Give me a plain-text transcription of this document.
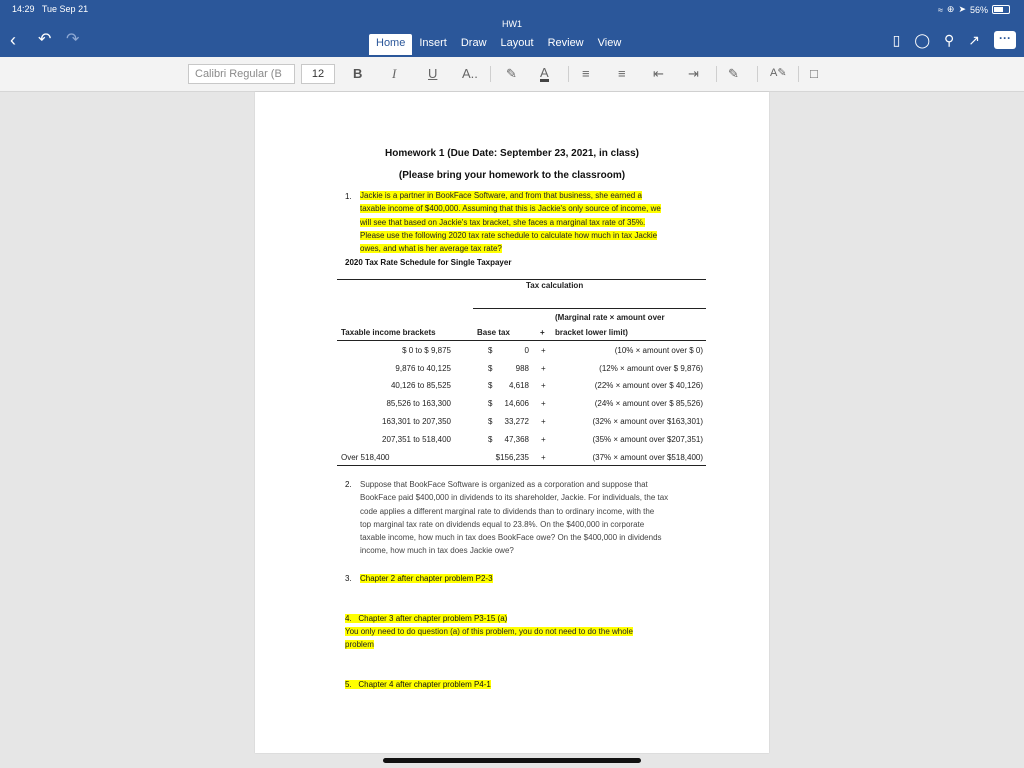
14:29 Tue Sep 21	≈ ⊕ ➤ 56%
HW1
‹ ↶ ↷	Home	Insert	Draw	Layout	Review	View	▯ ◯ ⚲ ↗	···
Calibri Regular (B	12	B I U A.. ✎ A	≡ ≡ ⇤ ⇥ ✎	A✎ □
Homework 1 (Due Date: September 23, 2021, in class)
(Please bring your homework to the classroom)
1. Jackie is a partner in BookFace Software, and from that business, she earned a
taxable income of $400,000. Assuming that this is Jackie's only source of income, we
will see that based on Jackie's tax bracket, she faces a marginal tax rate of 35%.
Please use the following 2020 tax rate schedule to calculate how much in tax Jackie
owes, and what is her average tax rate?
2020 Tax Rate Schedule for Single Taxpayer
Tax calculation
(Marginal rate × amount over
Taxable income brackets	Base tax	+ bracket lower limit)
$ 0 to $ 9,875	$	0 +	(10% × amount over $ 0)
9,876 to 40,125	$	988 +	(12% × amount over $ 9,876)
40,126 to 85,525	$	4,618 +	(22% × amount over $ 40,126)
85,526 to 163,300	$	14,606 +	(24% × amount over $ 85,526)
163,301 to 207,350	$	33,272 +	(32% × amount over $163,301)
207,351 to 518,400	$	47,368 +	(35% × amount over $207,351)
Over 518,400	$156,235 +	(37% × amount over $518,400)
2. Suppose that BookFace Software is organized as a corporation and suppose that
BookFace paid $400,000 in dividends to its shareholder, Jackie. For individuals, the tax
code applies a different marginal rate to dividends than to ordinary income, with the
top marginal tax rate on dividends equal to 23.8%. On the $400,000 in corporate
taxable income, how much in tax does BookFace owe? On the $400,000 in dividends
income, how much in tax does Jackie owe?
3. Chapter 2 after chapter problem P2-3
4. Chapter 3 after chapter problem P3-15 (a)
You only need to do question (a) of this problem, you do not need to do the whole
problem
5. Chapter 4 after chapter problem P4-1
